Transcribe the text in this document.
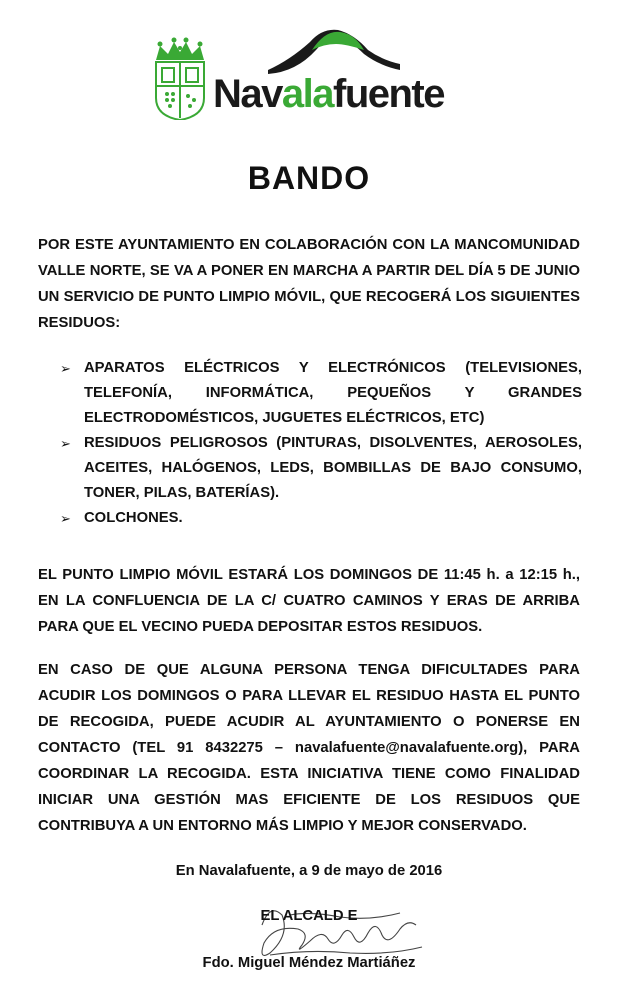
Navalafuente
BANDO
POR ESTE AYUNTAMIENTO EN COLABORACIÓN CON LA MANCOMUNIDAD VALLE NORTE, SE VA A PONER EN MARCHA A PARTIR DEL DÍA 5 DE JUNIO UN SERVICIO DE PUNTO LIMPIO MÓVIL, QUE RECOGERÁ LOS SIGUIENTES RESIDUOS:
➢ APARATOS ELÉCTRICOS Y ELECTRÓNICOS (TELEVISIONES, TELEFONÍA, INFORMÁTICA, PEQUEÑOS Y GRANDES ELECTRODOMÉSTICOS, JUGUETES ELÉCTRICOS, ETC)
➢ RESIDUOS PELIGROSOS (PINTURAS, DISOLVENTES, AEROSOLES, ACEITES, HALÓGENOS, LEDS, BOMBILLAS DE BAJO CONSUMO, TONER, PILAS, BATERÍAS).
➢ COLCHONES.
EL PUNTO LIMPIO MÓVIL ESTARÁ LOS DOMINGOS DE 11:45 h. a 12:15 h., EN LA CONFLUENCIA DE LA C/ CUATRO CAMINOS Y ERAS DE ARRIBA PARA QUE EL VECINO PUEDA DEPOSITAR ESTOS RESIDUOS.
EN CASO DE QUE ALGUNA PERSONA TENGA DIFICULTADES PARA ACUDIR LOS DOMINGOS O PARA LLEVAR EL RESIDUO HASTA EL PUNTO DE RECOGIDA, PUEDE ACUDIR AL AYUNTAMIENTO O PONERSE EN CONTACTO (TEL 91 8432275 – navalafuente@navalafuente.org), PARA COORDINAR LA RECOGIDA. ESTA INICIATIVA TIENE COMO FINALIDAD INICIAR UNA GESTIÓN MAS EFICIENTE DE LOS RESIDUOS QUE CONTRIBUYA A UN ENTORNO MÁS LIMPIO Y MEJOR CONSERVADO.
En Navalafuente, a 9 de mayo de 2016
EL ALCALD E
Fdo. Miguel Méndez Martiáñez
